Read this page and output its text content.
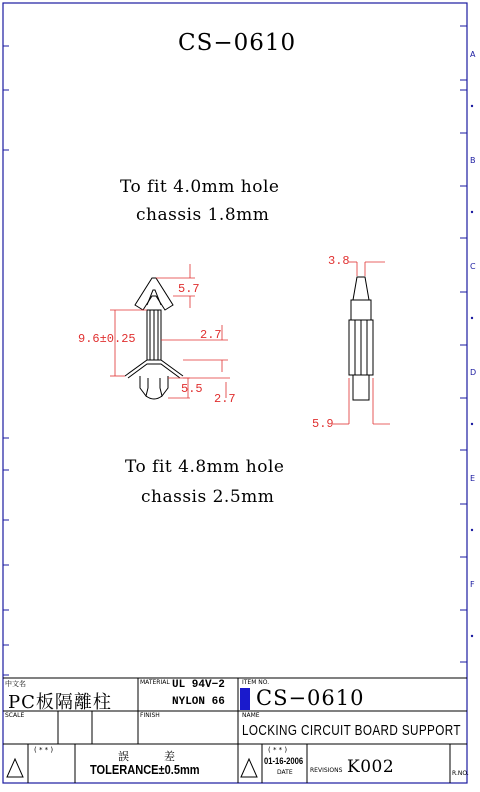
CS−0610
To fit 4.0mm hole
chassis 1.8mm
To fit 4.8mm hole
chassis 2.5mm
5.7
9.6±0.25	2.7
5.5
2.7
3.8
5.9
A
B
C
D
E
F
中文名
PC板隔離柱
MATERIAL UL 94V−2
NYLON 66
ITEM NO.
CS−0610
SCALE	FINISH	NAME
LOCKING CIRCUIT BOARD SUPPORT
( * * )	誤	差
TOLERANCE±0.5mm
( * * )
01-16-2006
DATE	REVISIONS K002	R.NO.
